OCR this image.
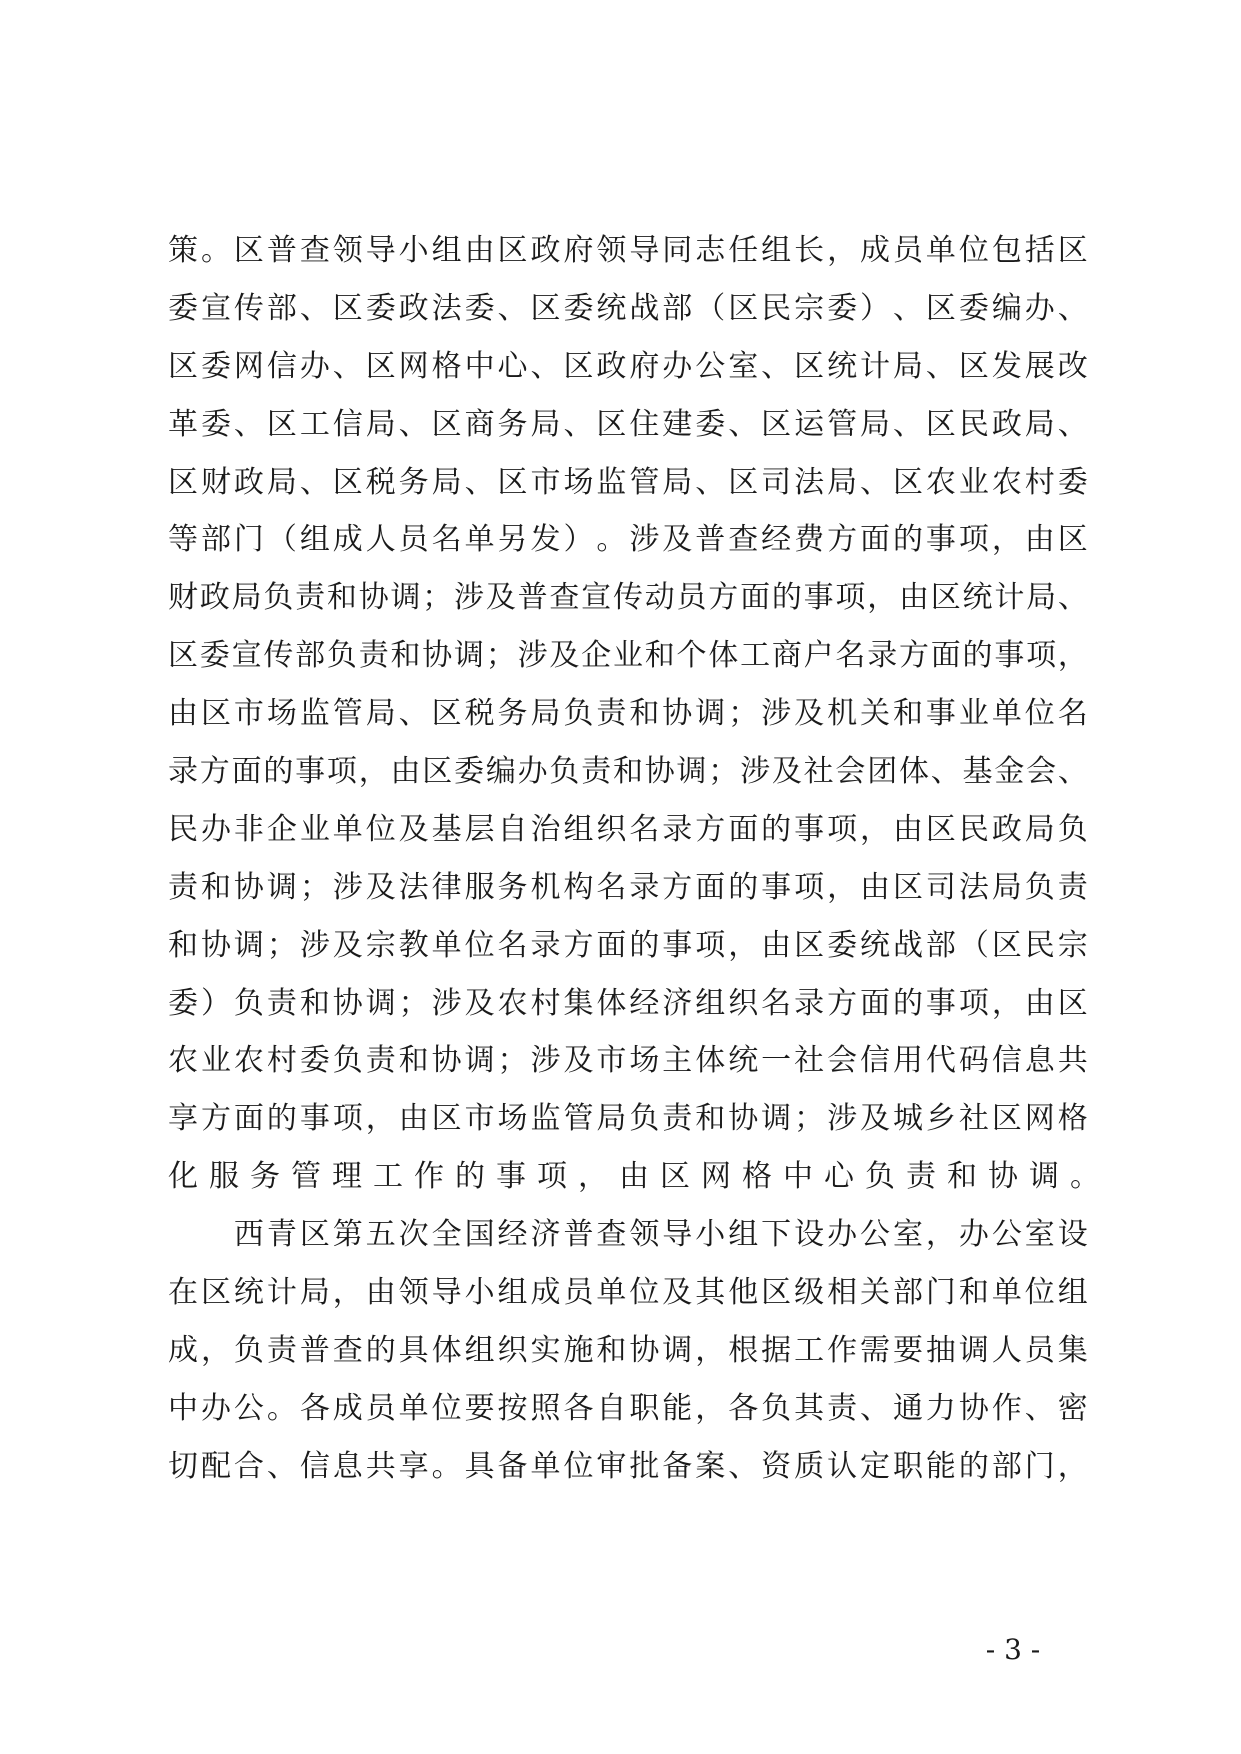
策 。 区 普 查 领 导 小 组 由 区 政 府 领 导 同 志 任 组 长 ， 成 员 单 位 包 括 区
委 宣 传 部 、 区 委 政 法 委 、 区 委 统 战 部 （ 区 民 宗 委 ） 、 区 委 编 办 、
区 委 网 信 办 、 区 网 格 中 心 、 区 政 府 办 公 室 、 区 统 计 局 、 区 发 展 改
革 委 、 区 工 信 局 、 区 商 务 局 、 区 住 建 委 、 区 运 管 局 、 区 民 政 局 、
区 财 政 局 、 区 税 务 局 、 区 市 场 监 管 局 、 区 司 法 局 、 区 农 业 农 村 委
等 部 门 （ 组 成 人 员 名 单 另 发 ） 。 涉 及 普 查 经 费 方 面 的 事 项 ， 由 区
财 政 局 负 责 和 协 调 ； 涉 及 普 查 宣 传 动 员 方 面 的 事 项 ， 由 区 统 计 局 、
区 委 宣 传 部 负 责 和 协 调 ； 涉 及 企 业 和 个 体 工 商 户 名 录 方 面 的 事 项 ，
由 区 市 场 监 管 局 、 区 税 务 局 负 责 和 协 调 ； 涉 及 机 关 和 事 业 单 位 名
录 方 面 的 事 项 ， 由 区 委 编 办 负 责 和 协 调 ； 涉 及 社 会 团 体 、 基 金 会 、
民 办 非 企 业 单 位 及 基 层 自 治 组 织 名 录 方 面 的 事 项 ， 由 区 民 政 局 负
责 和 协 调 ； 涉 及 法 律 服 务 机 构 名 录 方 面 的 事 项 ， 由 区 司 法 局 负 责
和 协 调 ； 涉 及 宗 教 单 位 名 录 方 面 的 事 项 ， 由 区 委 统 战 部 （ 区 民 宗
委 ） 负 责 和 协 调 ； 涉 及 农 村 集 体 经 济 组 织 名 录 方 面 的 事 项 ， 由 区
农 业 农 村 委 负 责 和 协 调 ； 涉 及 市 场 主 体 统 一 社 会 信 用 代 码 信 息 共
享 方 面 的 事 项 ， 由 区 市 场 监 管 局 负 责 和 协 调 ； 涉 及 城 乡 社 区 网 格
化服务管理工作的事项，由区网格中心负责和协调。

西 青 区 第 五 次 全 国 经 济 普 查 领 导 小 组 下 设 办 公 室 ， 办 公 室 设
在 区 统 计 局 ， 由 领 导 小 组 成 员 单 位 及 其 他 区 级 相 关 部 门 和 单 位 组
成 ， 负 责 普 查 的 具 体 组 织 实 施 和 协 调 ， 根 据 工 作 需 要 抽 调 人 员 集
中 办 公 。 各 成 员 单 位 要 按 照 各 自 职 能 ， 各 负 其 责 、 通 力 协 作 、 密
切 配 合 、 信 息 共 享 。 具 备 单 位 审 批 备 案 、 资 质 认 定 职 能 的 部 门 ，
- 3 -
